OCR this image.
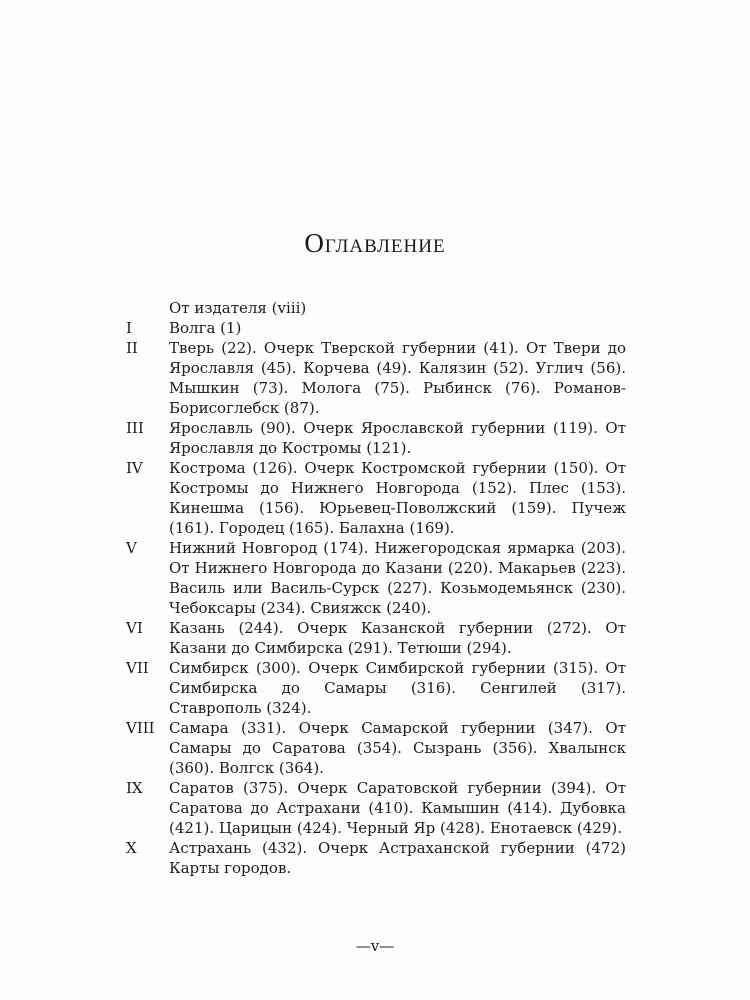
Оглавление
От издателя (viii)
I	Волга (1)
II	Тверь (22). Очерк Тверской губернии (41). От Твери до Ярославля (45). Корчева (49). Калязин (52). Углич (56). Мышкин (73). Молога (75). Рыбинск (76). Романов-Борисоглебск (87).
III	Ярославль (90). Очерк Ярославской губернии (119). От Ярославля до Костромы (121).
IV	Кострома (126). Очерк Костромской губернии (150). От Костромы до Нижнего Новгорода (152). Плес (153). Кинешма (156). Юрьевец-Поволжский (159). Пучеж (161). Городец (165). Балахна (169).
V	Нижний Новгород (174). Нижегородская ярмарка (203). От Нижнего Новгорода до Казани (220). Макарьев (223). Василь или Василь-Сурск (227). Козьмодемьянск (230). Чебоксары (234). Свияжск (240).
VI	Казань (244). Очерк Казанской губернии (272). От Казани до Симбирска (291). Тетюши (294).
VII	Симбирск (300). Очерк Симбирской губернии (315). От Симбирска до Самары (316). Сенгилей (317). Ставрополь (324).
VIII Самара (331). Очерк Самарской губернии (347). От Самары до Саратова (354). Сызрань (356). Хвалынск (360). Волгск (364).
IX	Саратов (375). Очерк Саратовской губернии (394). От Саратова до Астрахани (410). Камышин (414). Дубовка (421). Царицын (424). Черный Яр (428). Енотаевск (429).
X	Астрахань (432). Очерк Астраханской губернии (472) Карты городов.
—v—
